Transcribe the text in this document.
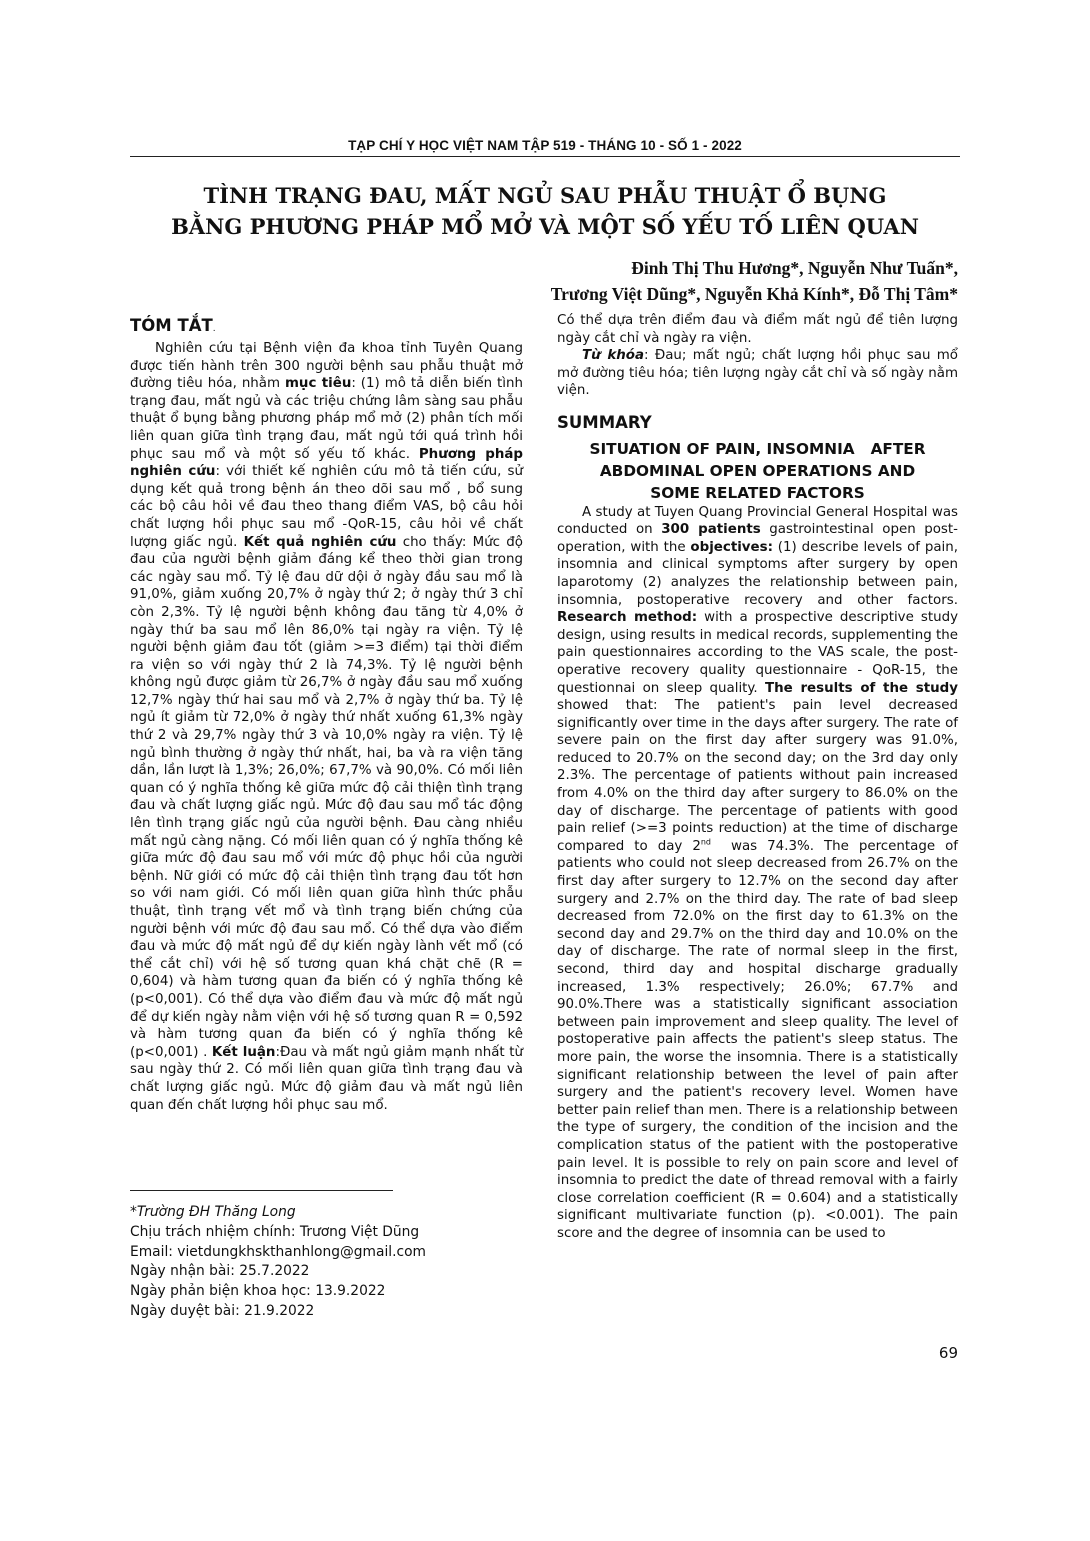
TẠP CHÍ Y HỌC VIỆT NAM TẬP 519 - THÁNG 10 - SỐ 1 - 2022
TÌNH TRẠNG ĐAU, MẤT NGỦ SAU PHẪU THUẬT Ổ BỤNG
BẰNG PHƯƠNG PHÁP MỔ MỞ VÀ MỘT SỐ YẾU TỐ LIÊN QUAN
Đinh Thị Thu Hương*, Nguyễn Như Tuấn*,
Trương Việt Dũng*, Nguyễn Khả Kính*, Đỗ Thị Tâm*
TÓM TẮT.

Nghiên cứu tại Bệnh viện đa khoa tỉnh Tuyên Quang được tiến hành trên 300 người bệnh sau phẫu thuật mở đường tiêu hóa, nhằm mục tiêu: (1) mô tả diễn biến tình trạng đau, mất ngủ và các triệu chứng lâm sàng sau phẫu thuật ổ bụng bằng phương pháp mổ mở (2) phân tích mối liên quan giữa tình trạng đau, mất ngủ tới quá trình hồi phục sau mổ và một số yếu tố khác. Phương pháp nghiên cứu: với thiết kế nghiên cứu mô tả tiến cứu, sử dụng kết quả trong bệnh án theo dõi sau mổ , bổ sung các bộ câu hỏi về đau theo thang điểm VAS, bộ câu hỏi chất lượng hồi phục sau mổ -QoR-15, câu hỏi về chất lượng giấc ngủ. Kết quả nghiên cứu cho thấy: Mức độ đau của người bệnh giảm đáng kể theo thời gian trong các ngày sau mổ. Tỷ lệ đau dữ dội ở ngày đầu sau mổ là 91,0%, giảm xuống 20,7% ở ngày thứ 2; ở ngày thứ 3 chỉ còn 2,3%. Tỷ lệ người bệnh không đau tăng từ 4,0% ở ngày thứ ba sau mổ lên 86,0% tại ngày ra viện. Tỷ lệ người bệnh giảm đau tốt (giảm >=3 điểm) tại thời điểm ra viện so với ngày thứ 2 là 74,3%. Tỷ lệ người bệnh không ngủ được giảm từ 26,7% ở ngày đầu sau mổ xuống 12,7% ngày thứ hai sau mổ và 2,7% ở ngày thứ ba. Tỷ lệ ngủ ít giảm từ 72,0% ở ngày thứ nhất xuống 61,3% ngày thứ 2 và 29,7% ngày thứ 3 và 10,0% ngày ra viện. Tỷ lệ ngủ bình thường ở ngày thứ nhất, hai, ba và ra viện tăng dần, lần lượt là 1,3%; 26,0%; 67,7% và 90,0%. Có mối liên quan có ý nghĩa thống kê giữa mức độ cải thiện tình trạng đau và chất lượng giấc ngủ. Mức độ đau sau mổ tác động lên tình trạng giấc ngủ của người bệnh. Đau càng nhiều mất ngủ càng nặng. Có mối liên quan có ý nghĩa thống kê giữa mức độ đau sau mổ với mức độ phục hồi của người bệnh. Nữ giới có mức độ cải thiện tình trạng đau tốt hơn so với nam giới. Có mối liên quan giữa hình thức phẫu thuật, tình trạng vết mổ và tình trạng biến chứng của người bệnh với mức độ đau sau mổ. Có thể dựa vào điểm đau và mức độ mất ngủ để dự kiến ngày lành vết mổ (có thể cắt chỉ) với hệ số tương quan khá chặt chẽ (R = 0,604) và hàm tương quan đa biến có ý nghĩa thống kê (p<0,001). Có thể dựa vào điểm đau và mức độ mất ngủ để dự kiến ngày nằm viện với hệ số tương quan R = 0,592 và hàm tương quan đa biến có ý nghĩa thống kê (p<0,001) . Kết luận:Đau và mất ngủ giảm mạnh nhất từ sau ngày thứ 2. Có mối liên quan giữa tình trạng đau và chất lượng giấc ngủ. Mức độ giảm đau và mất ngủ liên quan đến chất lượng hồi phục sau mổ.

Có thể dựa trên điểm đau và điểm mất ngủ để tiên lượng ngày cắt chỉ và ngày ra viện.

Từ khóa: Đau; mất ngủ; chất lượng hồi phục sau mổ mở đường tiêu hóa; tiên lượng ngày cắt chỉ và số ngày nằm viện.

SUMMARY

SITUATION OF PAIN, INSOMNIA   AFTER
ABDOMINAL OPEN OPERATIONS AND
SOME RELATED FACTORS

A study at Tuyen Quang Provincial General Hospital was conducted on 300 patients gastrointestinal open post-operation, with the objectives: (1) describe levels of pain, insomnia and clinical symptoms after surgery by open laparotomy (2) analyzes the relationship between pain, insomnia, postoperative recovery and other factors. Research method: with a prospective descriptive study design, using results in medical records, supplementing the pain questionnaires according to the VAS scale, the post-operative recovery quality questionnaire - QoR-15, the questionnai on sleep quality. The results of the study showed that: The patient's pain level decreased significantly over time in the days after surgery. The rate of severe pain on the first day after surgery was 91.0%, reduced to 20.7% on the second day; on the 3rd day only 2.3%. The percentage of patients without pain increased from 4.0% on the third day after surgery to 86.0% on the day of discharge. The percentage of patients with good pain relief (>=3 points reduction) at the time of discharge compared to day 2nd  was 74.3%. The percentage of patients who could not sleep decreased from 26.7% on the first day after surgery to 12.7% on the second day after surgery and 2.7% on the third day. The rate of bad sleep decreased from 72.0% on the first day to 61.3% on the second day and 29.7% on the third day and 10.0% on the day of discharge. The rate of normal sleep in the first, second, third day and hospital discharge gradually increased, 1.3% respectively; 26.0%; 67.7% and 90.0%.There was a statistically significant association between pain improvement and sleep quality. The level of postoperative pain affects the patient's sleep status. The more pain, the worse the insomnia. There is a statistically significant relationship between the level of pain after surgery and the patient's recovery level. Women have better pain relief than men. There is a relationship between the type of surgery, the condition of the incision and the complication status of the patient with the postoperative pain level. It is possible to rely on pain score and level of insomnia to predict the date of thread removal with a fairly close correlation coefficient (R = 0.604) and a statistically significant multivariate function (p). <0.001). The pain score and the degree of insomnia can be used to

*Trường ĐH Thăng Long
Chịu trách nhiệm chính: Trương Việt Dũng
Email: vietdungkhskthanhlong@gmail.com
Ngày nhận bài: 25.7.2022
Ngày phản biện khoa học: 13.9.2022
Ngày duyệt bài: 21.9.2022
69
